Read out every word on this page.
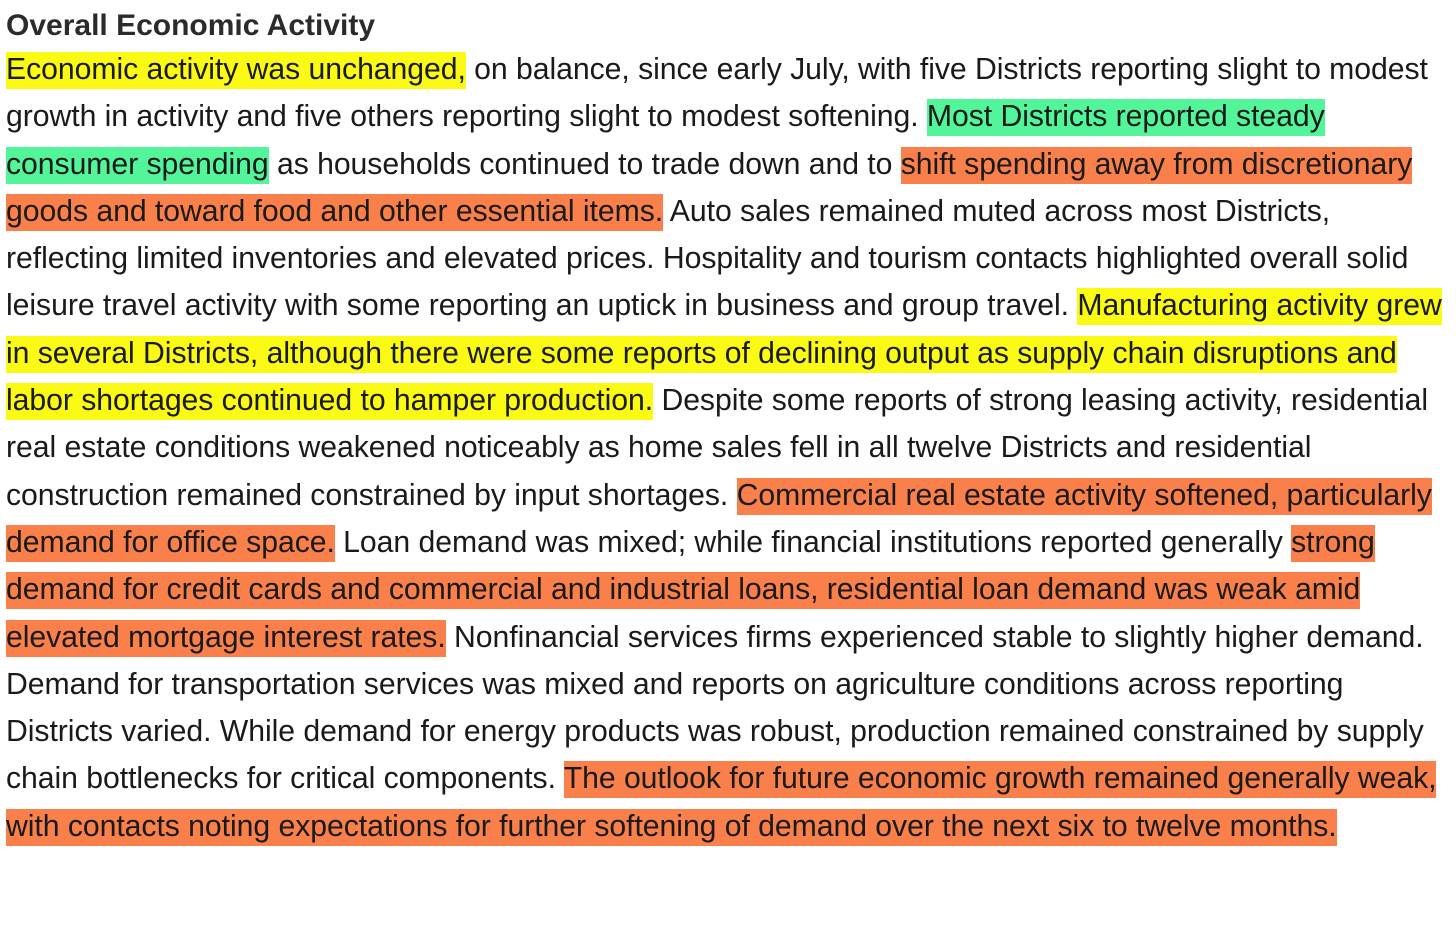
Overall Economic Activity

Economic activity was unchanged, on balance, since early July, with five Districts reporting slight to modest growth in activity and five others reporting slight to modest softening. Most Districts reported steady consumer spending as households continued to trade down and to shift spending away from discretionary goods and toward food and other essential items. Auto sales remained muted across most Districts, reflecting limited inventories and elevated prices. Hospitality and tourism contacts highlighted overall solid leisure travel activity with some reporting an uptick in business and group travel. Manufacturing activity grew in several Districts, although there were some reports of declining output as supply chain disruptions and labor shortages continued to hamper production. Despite some reports of strong leasing activity, residential real estate conditions weakened noticeably as home sales fell in all twelve Districts and residential construction remained constrained by input shortages. Commercial real estate activity softened, particularly demand for office space. Loan demand was mixed; while financial institutions reported generally strong demand for credit cards and commercial and industrial loans, residential loan demand was weak amid elevated mortgage interest rates. Nonfinancial services firms experienced stable to slightly higher demand. Demand for transportation services was mixed and reports on agriculture conditions across reporting Districts varied. While demand for energy products was robust, production remained constrained by supply chain bottlenecks for critical components. The outlook for future economic growth remained generally weak, with contacts noting expectations for further softening of demand over the next six to twelve months.
